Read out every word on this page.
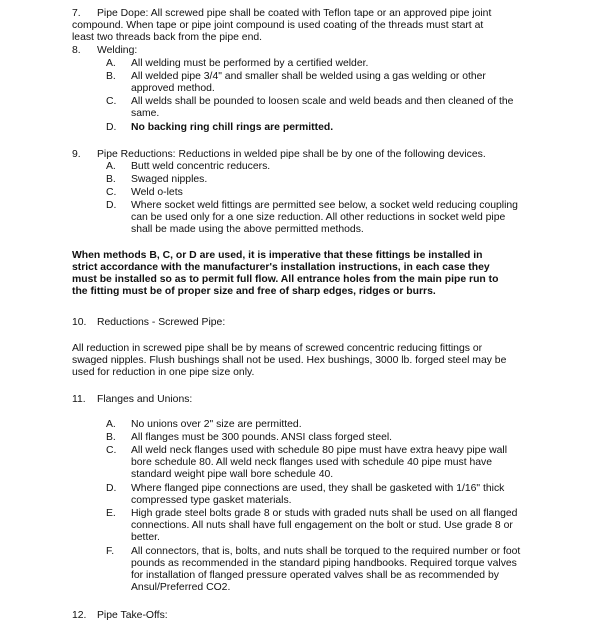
7.	Pipe Dope: All screwed pipe shall be coated with Teflon tape or an approved pipe joint
compound. When tape or pipe joint compound is used coating of the threads must start at
least two threads back from the pipe end.
8.	Welding:
A.	All welding must be performed by a certified welder.
B.	All welded pipe 3/4" and smaller shall be welded using a gas welding or other
approved method.
C.	All welds shall be pounded to loosen scale and weld beads and then cleaned of the
same.
D.	No backing ring chill rings are permitted.
9.	Pipe Reductions: Reductions in welded pipe shall be by one of the following devices.
A.	Butt weld concentric reducers.
B.	Swaged nipples.
C.	Weld o-lets
D.	Where socket weld fittings are permitted see below, a socket weld reducing coupling
can be used only for a one size reduction. All other reductions in socket weld pipe
shall be made using the above permitted methods.
When methods B, C, or D are used, it is imperative that these fittings be installed in
strict accordance with the manufacturer's installation instructions, in each case they
must be installed so as to permit full flow. All entrance holes from the main pipe run to
the fitting must be of proper size and free of sharp edges, ridges or burrs.
10.	Reductions - Screwed Pipe:
All reduction in screwed pipe shall be by means of screwed concentric reducing fittings or
swaged nipples. Flush bushings shall not be used. Hex bushings, 3000 lb. forged steel may be
used for reduction in one pipe size only.
11.	Flanges and Unions:
A.	No unions over 2" size are permitted.
B.	All flanges must be 300 pounds. ANSI class forged steel.
C.	All weld neck flanges used with schedule 80 pipe must have extra heavy pipe wall
bore schedule 80. All weld neck flanges used with schedule 40 pipe must have
standard weight pipe wall bore schedule 40.
D.	Where flanged pipe connections are used, they shall be gasketed with 1/16" thick
compressed type gasket materials.
E.	High grade steel bolts grade 8 or studs with graded nuts shall be used on all flanged
connections. All nuts shall have full engagement on the bolt or stud. Use grade 8 or
better.
F.	All connectors, that is, bolts, and nuts shall be torqued to the required number or foot
pounds as recommended in the standard piping handbooks. Required torque valves
for installation of flanged pressure operated valves shall be as recommended by
Ansul/Preferred CO2.
12.	Pipe Take-Offs:
